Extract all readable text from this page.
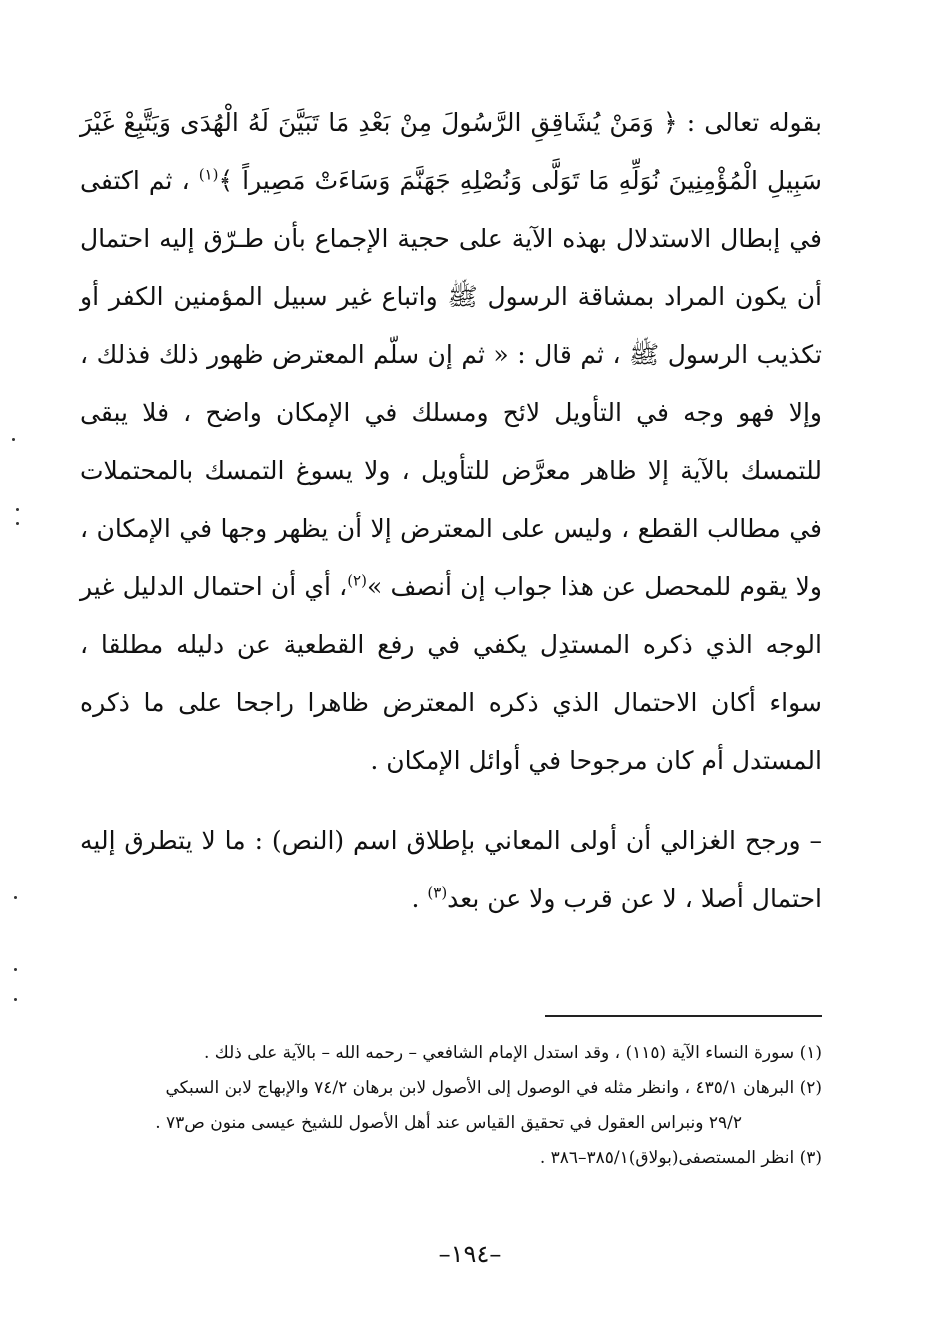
بقوله تعالى : ﴿ وَمَنْ يُشَاقِقِ الرَّسُولَ مِنْ بَعْدِ مَا تَبَيَّنَ لَهُ الْهُدَى وَيَتَّبِعْ غَيْرَ سَبِيلِ الْمُؤْمِنِينَ نُوَلِّهِ مَا تَوَلَّى وَنُصْلِهِ جَهَنَّمَ وَسَاءَتْ مَصِيراً ﴾$^{(١)}$ ، ثم اكتفى في إبطال الاستدلال بهذه الآية على حجية الإجماع بأن طـرّق إليه احتمال أن يكون المراد بمشاقة الرسول ﷺ واتباع غير سبيل المؤمنين الكفر أو تكذيب الرسول ﷺ ، ثم قال : « ثم إن سلّم المعترض ظهور ذلك فذلك ، وإلا فهو وجه في التأويل لائح ومسلك في الإمكان واضح ، فلا يبقى للتمسك بالآية إلا ظاهر معرَّض للتأويل ، ولا يسوغ التمسك بالمحتملات في مطالب القطع ، وليس على المعترض إلا أن يظهر وجها في الإمكان ، ولا يقوم للمحصل عن هذا جواب إن أنصف »$^{(٢)}$، أي أن احتمال الدليل غير الوجه الذي ذكره المستدِل يكفي في رفع القطعية عن دليله مطلقا ، سواء أكان الاحتمال الذي ذكره المعترض ظاهرا راجحا على ما ذكره المستدل أم كان مرجوحا في أوائل الإمكان .

– ورجح الغزالي أن أولى المعاني بإطلاق اسم (النص) : ما لا يتطرق إليه احتمال أصلا ، لا عن قرب ولا عن بعد$^{(٣)}$ .

(١) سورة النساء الآية (١١٥) ، وقد استدل الإمام الشافعي – رحمه الله – بالآية على ذلك .

(٢) البرهان ٤٣٥/١ ، وانظر مثله في الوصول إلى الأصول لابن برهان ٧٤/٢ والإبهاج لابن السبكي

٢٩/٢ ونبراس العقول في تحقيق القياس عند أهل الأصول للشيخ عيسى منون ص٧٣ .

(٣) انظر المستصفى(بولاق)٣٨٥/١–٣٨٦ .

–١٩٤–
